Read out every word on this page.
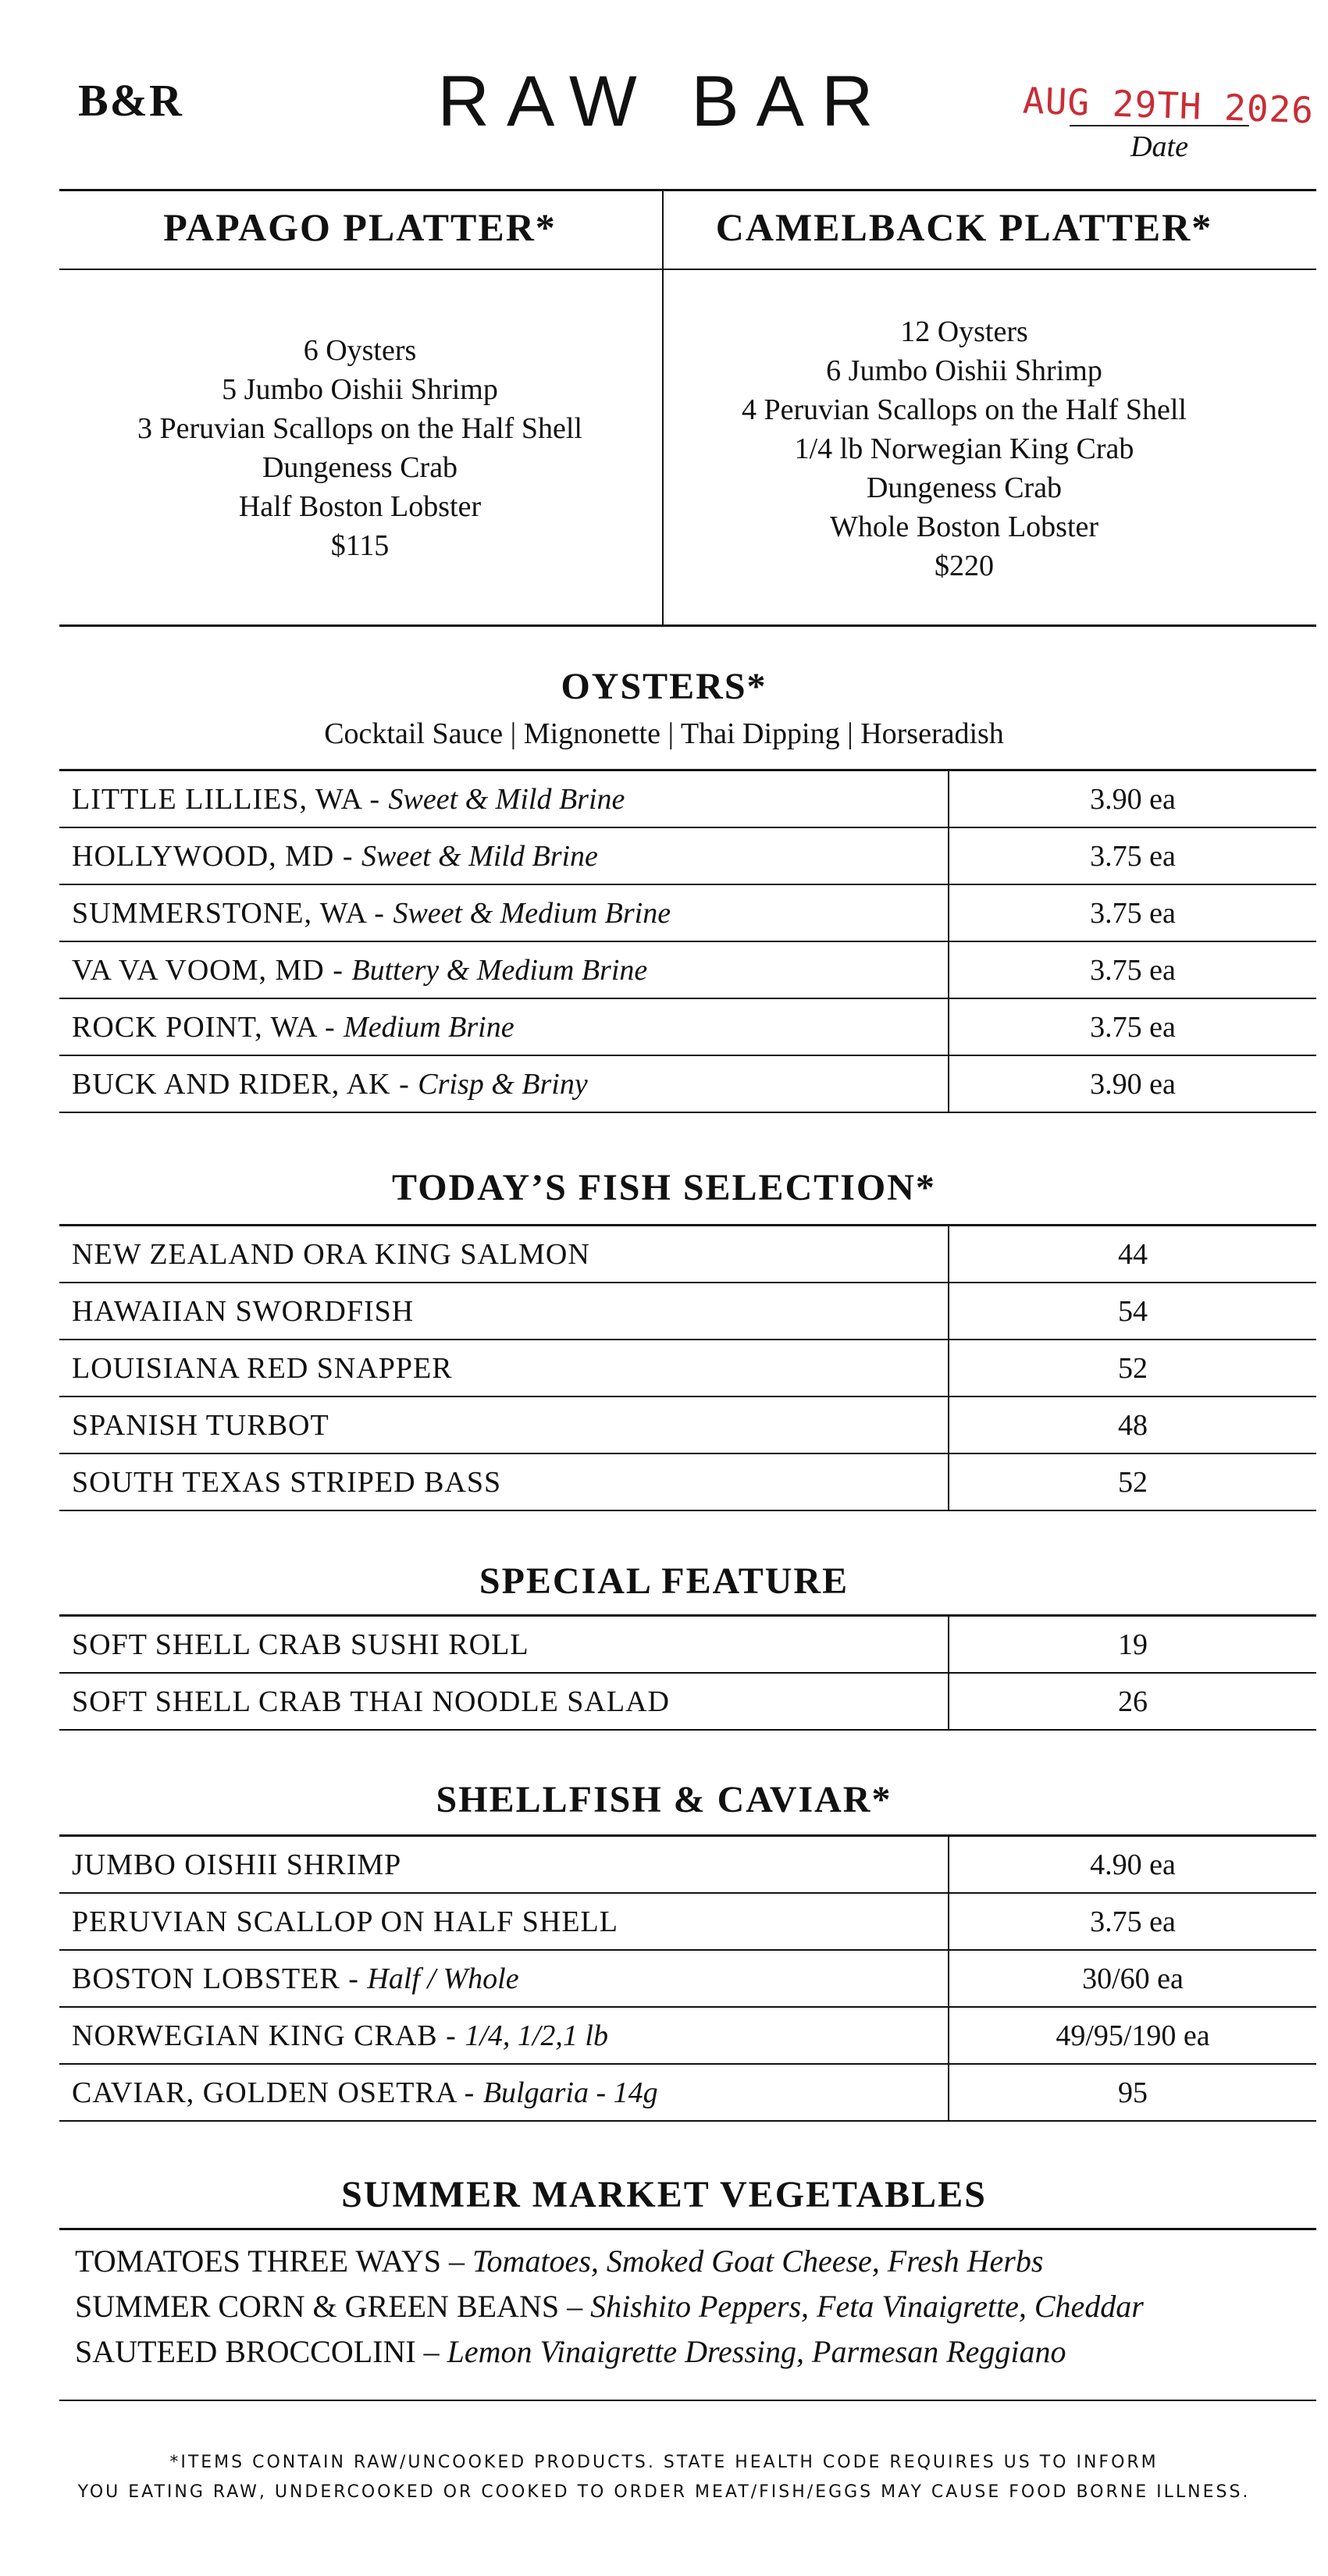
B&R	RAW BAR	AUG 29TH 2026
Date
PAPAGO PLATTER*	CAMELBACK PLATTER*
6 Oysters
5 Jumbo Oishii Shrimp
3 Peruvian Scallops on the Half Shell
Dungeness Crab
Half Boston Lobster
$115
12 Oysters
6 Jumbo Oishii Shrimp
4 Peruvian Scallops on the Half Shell
1/4 lb Norwegian King Crab
Dungeness Crab
Whole Boston Lobster
$220
OYSTERS*
Cocktail Sauce | Mignonette | Thai Dipping | Horseradish
LITTLE LILLIES, WA - Sweet & Mild Brine	3.90 ea
HOLLYWOOD, MD - Sweet & Mild Brine	3.75 ea
SUMMERSTONE, WA - Sweet & Medium Brine	3.75 ea
VA VA VOOM, MD - Buttery & Medium Brine	3.75 ea
ROCK POINT, WA - Medium Brine	3.75 ea
BUCK AND RIDER, AK - Crisp & Briny	3.90 ea
TODAY’S FISH SELECTION*
NEW ZEALAND ORA KING SALMON	44
HAWAIIAN SWORDFISH	54
LOUISIANA RED SNAPPER	52
SPANISH TURBOT	48
SOUTH TEXAS STRIPED BASS	52
SPECIAL FEATURE
SOFT SHELL CRAB SUSHI ROLL	19
SOFT SHELL CRAB THAI NOODLE SALAD	26
SHELLFISH & CAVIAR*
JUMBO OISHII SHRIMP	4.90 ea
PERUVIAN SCALLOP ON HALF SHELL	3.75 ea
BOSTON LOBSTER - Half / Whole	30/60 ea
NORWEGIAN KING CRAB - 1/4, 1/2,1 lb	49/95/190 ea
CAVIAR, GOLDEN OSETRA - Bulgaria - 14g	95
SUMMER MARKET VEGETABLES
TOMATOES THREE WAYS – Tomatoes, Smoked Goat Cheese, Fresh Herbs
SUMMER CORN & GREEN BEANS – Shishito Peppers, Feta Vinaigrette, Cheddar
SAUTEED BROCCOLINI – Lemon Vinaigrette Dressing, Parmesan Reggiano
*ITEMS CONTAIN RAW/UNCOOKED PRODUCTS. STATE HEALTH CODE REQUIRES US TO INFORM
YOU EATING RAW, UNDERCOOKED OR COOKED TO ORDER MEAT/FISH/EGGS MAY CAUSE FOOD BORNE ILLNESS.
